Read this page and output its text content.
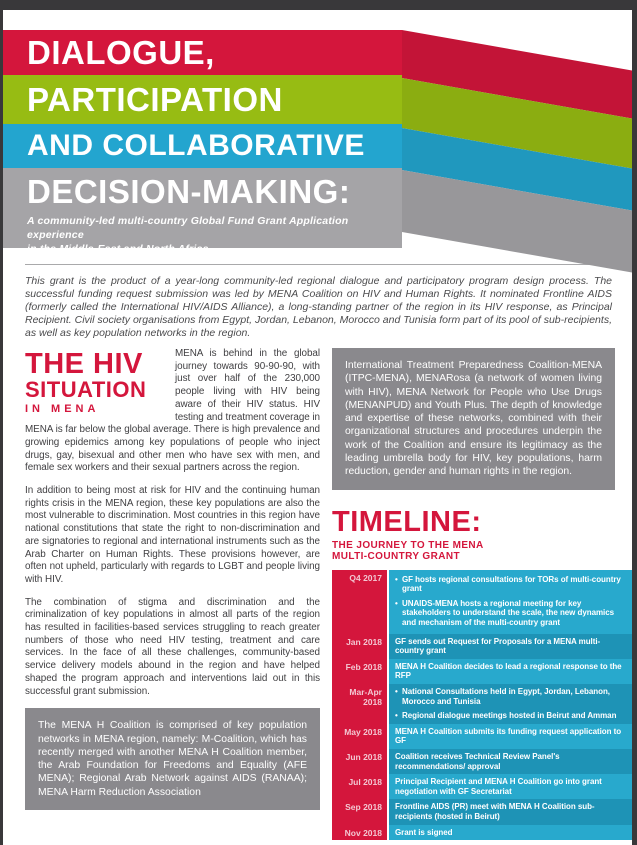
DIALOGUE,
PARTICIPATION
AND COLLABORATIVE
DECISION-MAKING:
A community-led multi-country Global Fund Grant Application experience
in the Middle-East and North Africa

This grant is the product of a year-long community-led regional dialogue and participatory program design process. The successful funding request submission was led by MENA Coalition on HIV and Human Rights. It nominated Frontline AIDS (formerly called the International HIV/AIDS Alliance), a long-standing partner of the region in its HIV response, as Principal Recipient. Civil society organisations from Egypt, Jordan, Lebanon, Morocco and Tunisia form part of its pool of sub-recipients, as well as key population networks in the region.

THE HIV
SITUATION
IN MENA

MENA is behind in the global journey towards 90-90-90, with just over half of the 230,000 people living with HIV being aware of their HIV status. HIV testing and treatment coverage in MENA is far below the global average. There is high prevalence and growing epidemics among key populations of people who inject drugs, gay, bisexual and other men who have sex with men, and female sex workers and their sexual partners across the region.

In addition to being most at risk for HIV and the continuing human rights crisis in the MENA region, these key populations are also the most vulnerable to discrimination. Most countries in this region have national constitutions that state the right to non-discrimination and are signatories to regional and international instruments such as the Arab Charter on Human Rights. These provisions however, are often not upheld, particularly with regards to LGBT and people living with HIV.

The combination of stigma and discrimination and the criminalization of key populations in almost all parts of the region has resulted in facilities-based services struggling to reach greater numbers of those who need HIV testing, treatment and care services. In the face of all these challenges, community-based service delivery models abound in the region and have helped shaped the program approach and interventions laid out in this successful grant submission.

The MENA H Coalition is comprised of key population networks in MENA region, namely: M-Coalition, which has recently merged with another MENA H Coalition member, the Arab Foundation for Freedoms and Equality (AFE MENA); Regional Arab Network against AIDS (RANAA); MENA Harm Reduction Association
International Treatment Preparedness Coalition-MENA (ITPC-MENA), MENARosa (a network of women living with HIV), MENA Network for People who Use Drugs (MENANPUD) and Youth Plus. The depth of knowledge and expertise of these networks, combined with their organizational structures and procedures underpin the work of the Coalition and ensure its legitimacy as the leading umbrella body for HIV, key populations, harm reduction, gender and human rights in the region.
TIMELINE:
THE JOURNEY TO THE MENA
MULTI-COUNTRY GRANT
Q4 2017	• GF hosts regional consultations for TORs of multi-country grant
• UNAIDS-MENA hosts a regional meeting for key stakeholders to understand the scale, the new dynamics and mechanism of the multi-country grant
Jan 2018	GF sends out Request for Proposals for a MENA multi-country grant
Feb 2018	MENA H Coalition decides to lead a regional response to the RFP
Mar-Apr 2018
• National Consultations held in Egypt, Jordan, Lebanon, Morocco and Tunisia
• Regional dialogue meetings hosted in Beirut and Amman
May 2018	MENA H Coalition submits its funding request application to GF
Jun 2018	Coalition receives Technical Review Panel's recommendations/ approval
Jul 2018	Principal Recipient and MENA H Coalition go into grant negotiation with GF Secretariat
Sep 2018	Frontline AIDS (PR) meet with MENA H Coalition sub-recipients (hosted in Beirut)
Nov 2018	Grant is signed
